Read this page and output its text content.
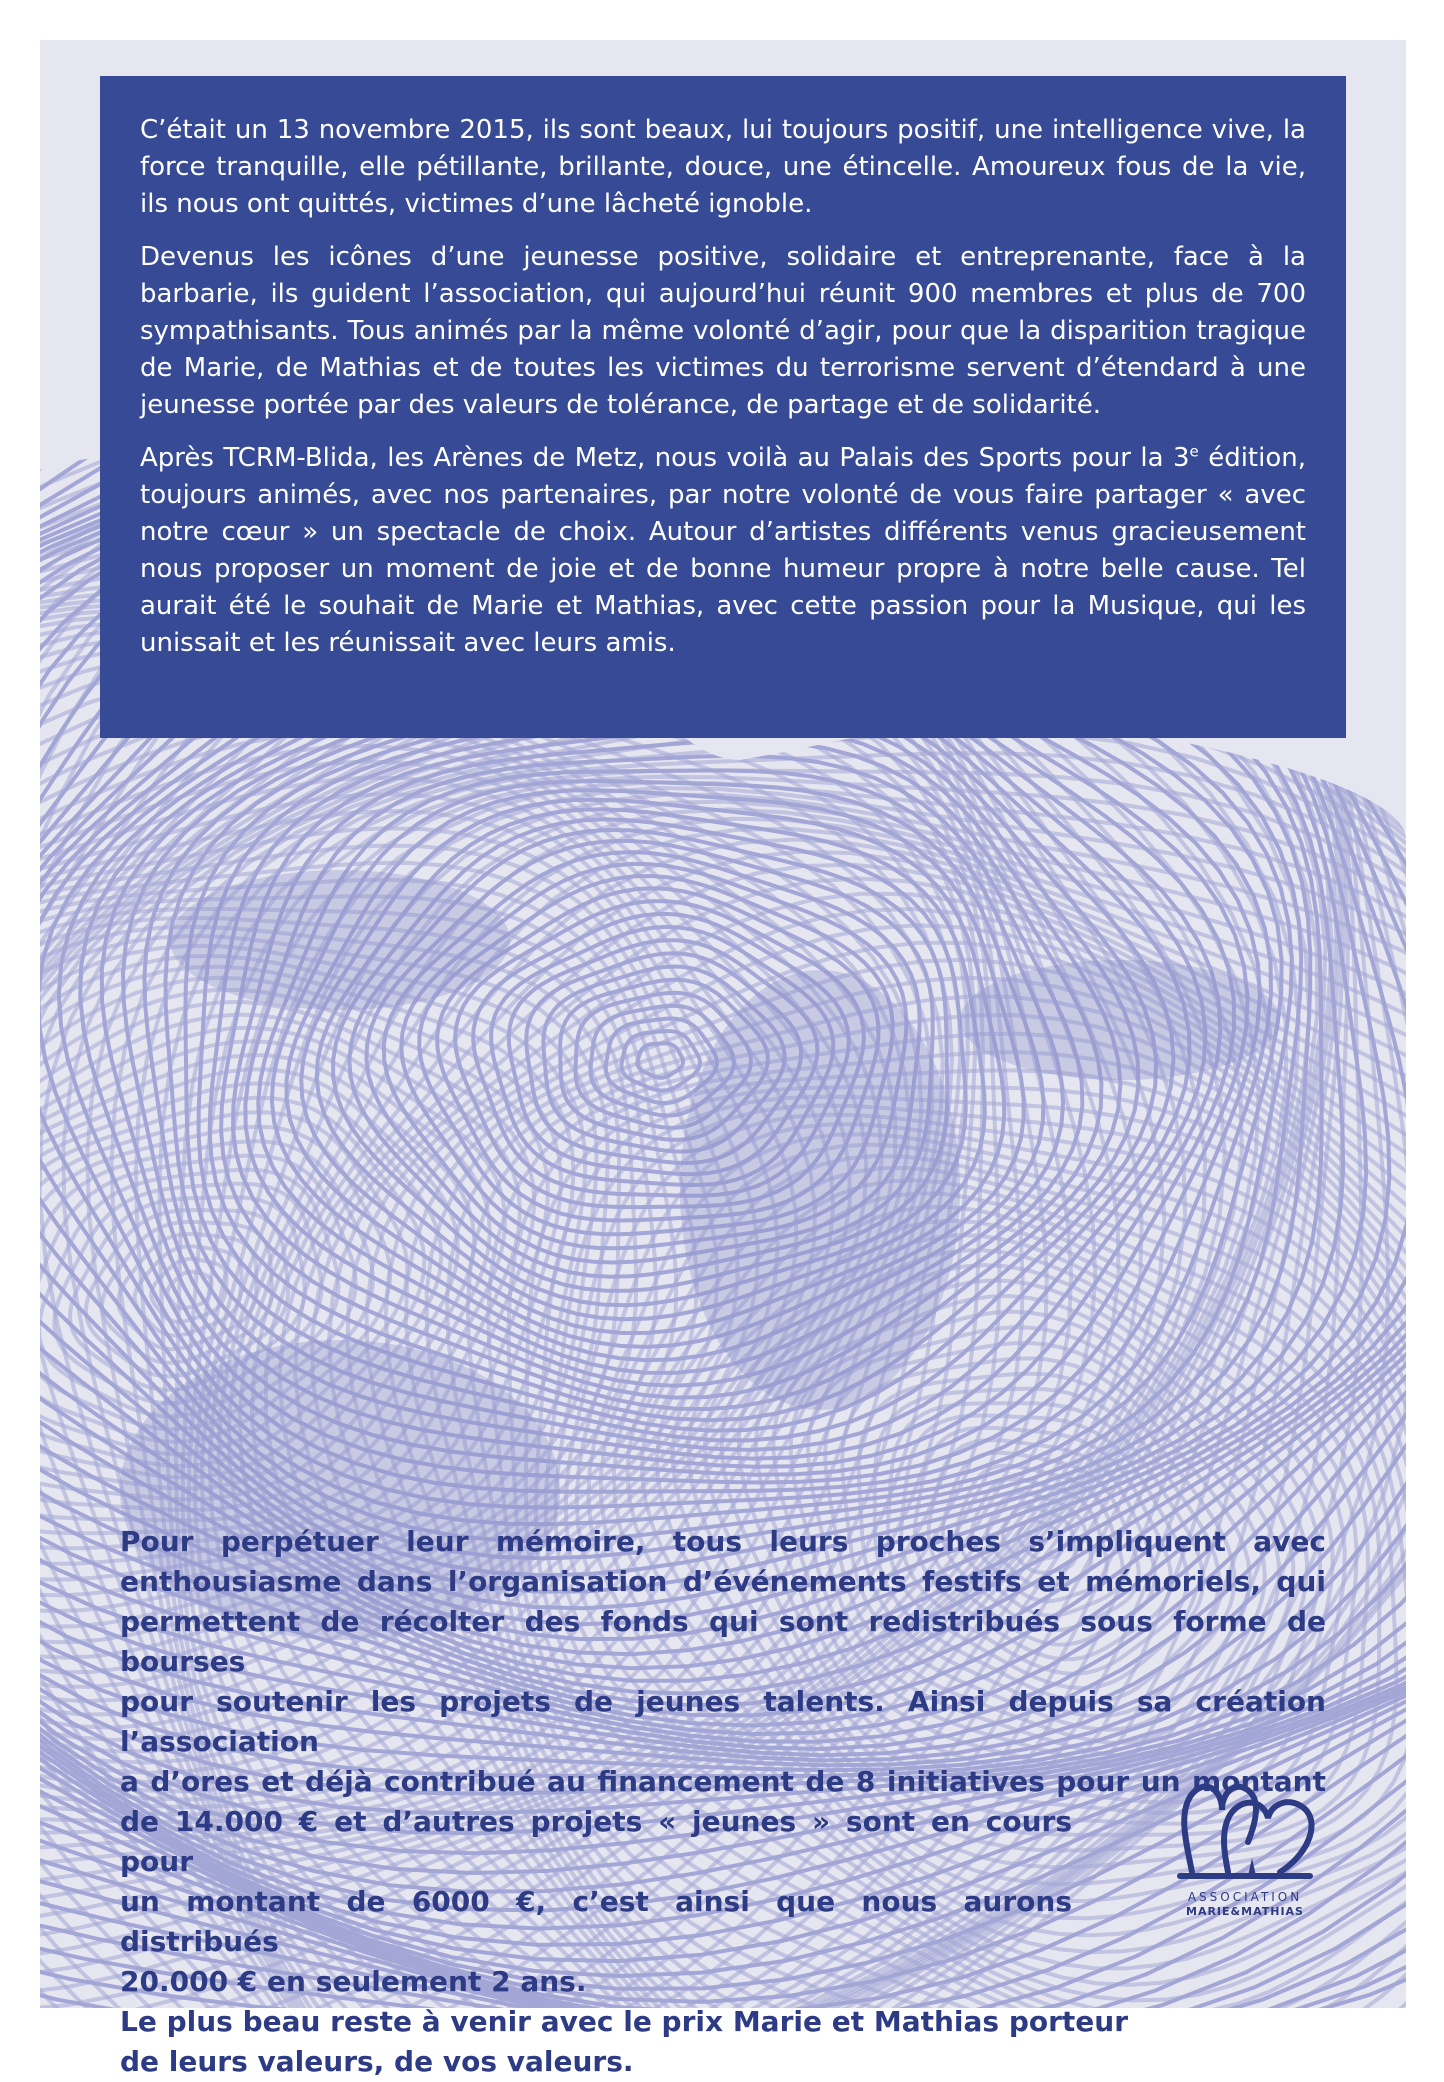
C’était un 13 novembre 2015, ils sont beaux, lui toujours positif, une intelligence vive, la force tranquille, elle pétillante, brillante, douce, une étincelle. Amoureux fous de la vie, ils nous ont quittés, victimes d’une lâcheté ignoble.

Devenus les icônes d’une jeunesse positive, solidaire et entreprenante, face à la barbarie, ils guident l’association, qui aujourd’hui réunit 900 membres et plus de 700 sympathisants. Tous animés par la même volonté d’agir, pour que la disparition tragique de Marie, de Mathias et de toutes les victimes du terrorisme servent d’étendard à une jeunesse portée par des valeurs de tolérance, de partage et de solidarité.

Après TCRM-Blida, les Arènes de Metz, nous voilà au Palais des Sports pour la 3e édition, toujours animés, avec nos partenaires, par notre volonté de vous faire partager « avec notre cœur » un spectacle de choix. Autour d’artistes différents venus gracieusement nous proposer un moment de joie et de bonne humeur propre à notre belle cause. Tel aurait été le souhait de Marie et Mathias, avec cette passion pour la Musique, qui les unissait et les réunissait avec leurs amis.

Pour perpétuer leur mémoire, tous leurs proches s’impliquent avec
enthousiasme dans l’organisation d’événements festifs et mémoriels, qui
permettent de récolter des fonds qui sont redistribués sous forme de bourses
pour soutenir les projets de jeunes talents. Ainsi depuis sa création l’association
a d’ores et déjà contribué au financement de 8 initiatives pour un montant
de 14.000 € et d’autres projets « jeunes » sont en cours pour
un montant de 6000 €, c’est ainsi que nous aurons distribués
20.000 € en seulement 2 ans.
Le plus beau reste à venir avec le prix Marie et Mathias porteur
de leurs valeurs, de vos valeurs.
ASSOCIATION
MARIE&MATHIAS
